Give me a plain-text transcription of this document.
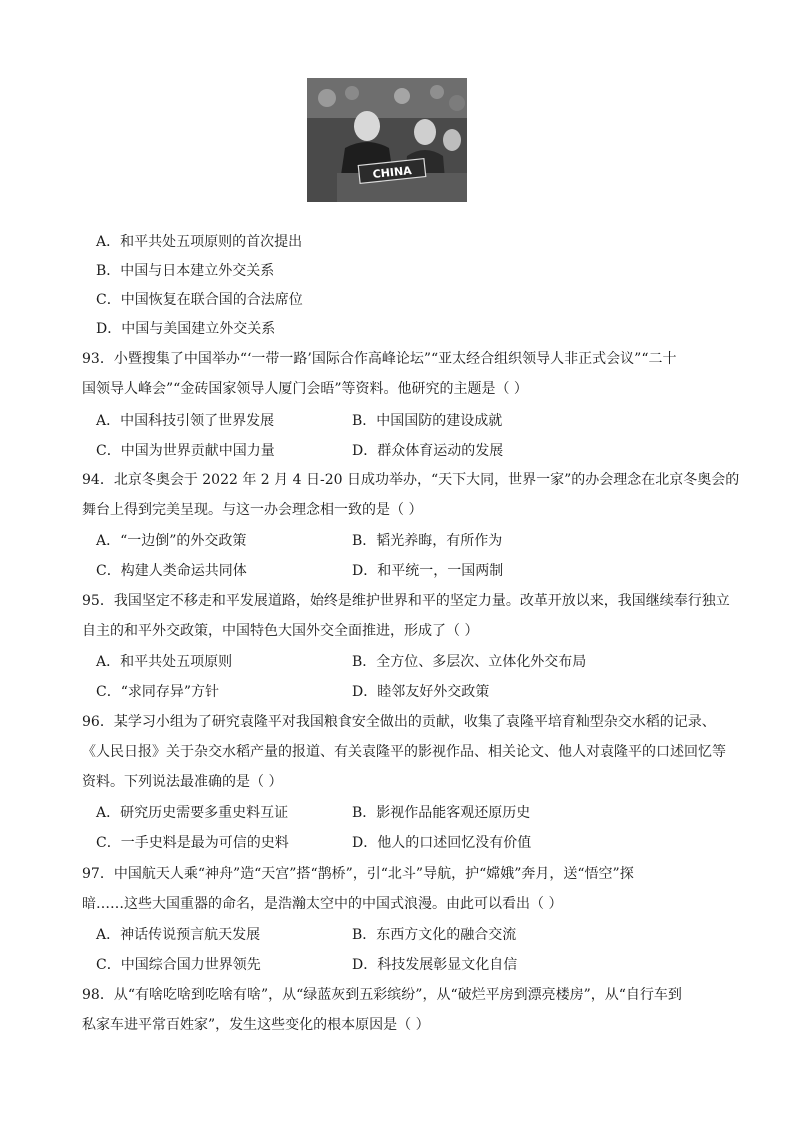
CHINA
A．和平共处五项原则的首次提出
B．中国与日本建立外交关系
C．中国恢复在联合国的合法席位
D．中国与美国建立外交关系
93．小暨搜集了中国举办“‘一带一路’国际合作高峰论坛”“亚太经合组织领导人非正式会议”“二十
国领导人峰会”“金砖国家领导人厦门会晤”等资料。他研究的主题是（ ）
A．中国科技引领了世界发展	B．中国国防的建设成就
C．中国为世界贡献中国力量	D．群众体育运动的发展
94．北京冬奥会于 2022 年 2 月 4 日-20 日成功举办，“天下大同，世界一家”的办会理念在北京冬奥会的
舞台上得到完美呈现。与这一办会理念相一致的是（ ）
A．“一边倒”的外交政策	B．韬光养晦，有所作为
C．构建人类命运共同体	D．和平统一，一国两制
95．我国坚定不移走和平发展道路，始终是维护世界和平的坚定力量。改革开放以来，我国继续奉行独立
自主的和平外交政策，中国特色大国外交全面推进，形成了（ ）
A．和平共处五项原则	B．全方位、多层次、立体化外交布局
C．“求同存异”方针	D．睦邻友好外交政策
96．某学习小组为了研究袁隆平对我国粮食安全做出的贡献，收集了袁隆平培育籼型杂交水稻的记录、
《人民日报》关于杂交水稻产量的报道、有关袁隆平的影视作品、相关论文、他人对袁隆平的口述回忆等
资料。下列说法最准确的是（ ）
A．研究历史需要多重史料互证	B．影视作品能客观还原历史
C．一手史料是最为可信的史料	D．他人的口述回忆没有价值
97．中国航天人乘“神舟”造“天宫”搭“鹊桥”，引“北斗”导航，护“嫦娥”奔月，送“悟空”探
暗……这些大国重器的命名，是浩瀚太空中的中国式浪漫。由此可以看出（ ）
A．神话传说预言航天发展	B．东西方文化的融合交流
C．中国综合国力世界领先	D．科技发展彰显文化自信
98．从“有啥吃啥到吃啥有啥”，从“绿蓝灰到五彩缤纷”，从“破烂平房到漂亮楼房”，从“自行车到
私家车进平常百姓家”，发生这些变化的根本原因是（ ）
